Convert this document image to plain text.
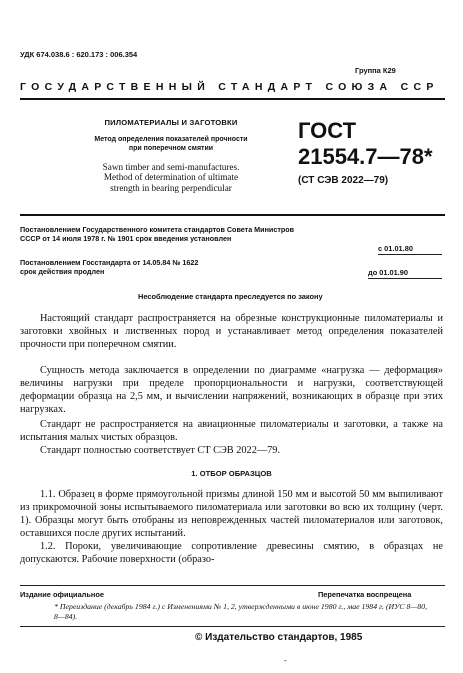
УДК 674.038.6 : 620.173 : 006.354
Группа К29
ГОСУДАРСТВЕННЫЙ СТАНДАРТ СОЮЗА ССР
ПИЛОМАТЕРИАЛЫ И ЗАГОТОВКИ
Метод определения показателей прочности
при поперечном смятии
Sawn timber and semi-manufactures.
Method of determination of ultimate
strength in bearing perpendicular
ГОСТ
21554.7—78*
(СТ СЭВ 2022—79)
Постановлением Государственного комитета стандартов Совета Министров
СССР от 14 июля 1978 г. № 1901 срок введения установлен
с 01.01.80
Постановлением Госстандарта от 14.05.84 № 1622
срок действия продлен	до 01.01.90
Несоблюдение стандарта преследуется по закону
Настоящий стандарт распространяется на обрезные конструкционные пиломатериалы и заготовки хвойных и лиственных пород и устанавливает метод определения показателей прочности при поперечном смятии.
Сущность метода заключается в определении по диаграмме «нагрузка — деформация» величины нагрузки при пределе пропорциональности и нагрузки, соответствующей деформации образца на 2,5 мм, и вычислении напряжений, возникающих в образце при этих нагрузках.
Стандарт не распространяется на авиационные пиломатериалы и заготовки, а также на испытания малых чистых образцов.
Стандарт полностью соответствует СТ СЭВ 2022—79.
1. ОТБОР ОБРАЗЦОВ
1.1. Образец в форме прямоугольной призмы длиной 150 мм и высотой 50 мм выпиливают из прикромочной зоны испытываемого пиломатериала или заготовки во всю их толщину (черт. 1). Образцы могут быть отобраны из неповрежденных частей пиломатериалов или заготовок, оставшихся после других испытаний.
1.2. Пороки, увеличивающие сопротивление древесины смятию, в образцах не допускаются. Рабочие поверхности (образо-
Издание официальное	Перепечатка воспрещена
* Переиздание (декабрь 1984 г.) с Изменениями № 1, 2, утвержденными в июне 1980 г., мае 1984 г. (ИУС 8—80, 8—84).
© Издательство стандартов, 1985
-
